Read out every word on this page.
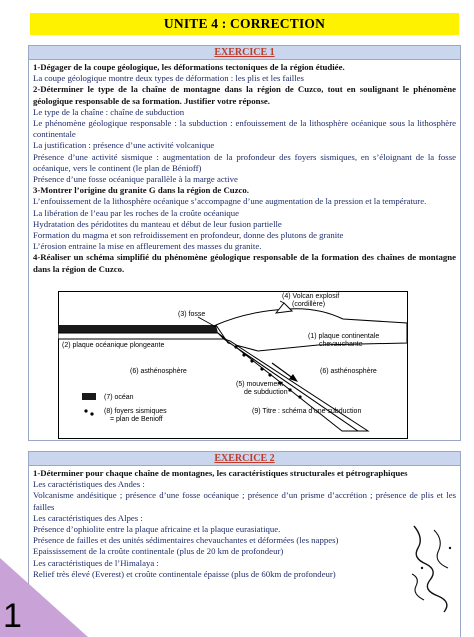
UNITE 4 : CORRECTION
EXERCICE 1

1-Dégager de la coupe géologique, les déformations tectoniques de la région étudiée.

La coupe géologique montre deux types de déformation : les plis et les failles

2-Déterminer le type de la chaîne de montagne dans la région de Cuzco, tout en soulignant le phénomène géologique responsable de sa formation. Justifier votre réponse.

Le type de la chaîne : chaîne de subduction

Le phénomène géologique responsable : la subduction : enfouissement de la lithosphère océanique sous la lithosphère continentale

La justification : présence d’une activité volcanique

Présence d’une activité sismique : augmentation de la profondeur des foyers sismiques, en s’éloignant de la fosse océanique, vers le continent (le plan de Bénioff)

Présence d’une fosse océanique parallèle à la marge active

3-Montrer l’origine du granite G dans la région de Cuzco.

L’enfouissement de la lithosphère océanique s’accompagne d’une augmentation de la pression et la température.

La libération de l’eau par les roches de la croûte océanique

Hydratation des péridotites du manteau et début de leur fusion partielle

Formation du magma et son refroidissement en profondeur, donne des plutons de granite

L’érosion entraine la mise en affleurement des masses du granite.

4-Réaliser un schéma simplifié du phénomène géologique responsable de la formation des chaînes de montagne dans la région de Cuzco.

(4) Volcan explosif
(cordillère)
(3) fosse
(1) plaque continentale
chevauchante
(2) plaque océanique plongeante
(6) asthénosphère	(6) asthénosphère
(5) mouvement
de subduction
(7) océan
(8) foyers sismiques
= plan de Benioff
(9) Titre : schéma d’une subduction
EXERCICE 2

1-Déterminer pour chaque chaîne de montagnes, les caractéristiques structurales et pétrographiques

Les caractéristiques des Andes :

Volcanisme andésitique ; présence d’une fosse océanique ; présence d’un prisme d’accrétion ; présence de plis et les failles

Les caractéristiques des Alpes :

Présence d’ophiolite entre la plaque africaine et la plaque eurasiatique.

Présence de failles et des unités sédimentaires chevauchantes et déformées (les nappes)

Epaississement de la croûte continentale (plus de 20 km de profondeur)

Les caractéristiques de l’Himalaya :

Relief très élevé (Everest) et croûte continentale épaisse (plus de 60km de profondeur)

1
